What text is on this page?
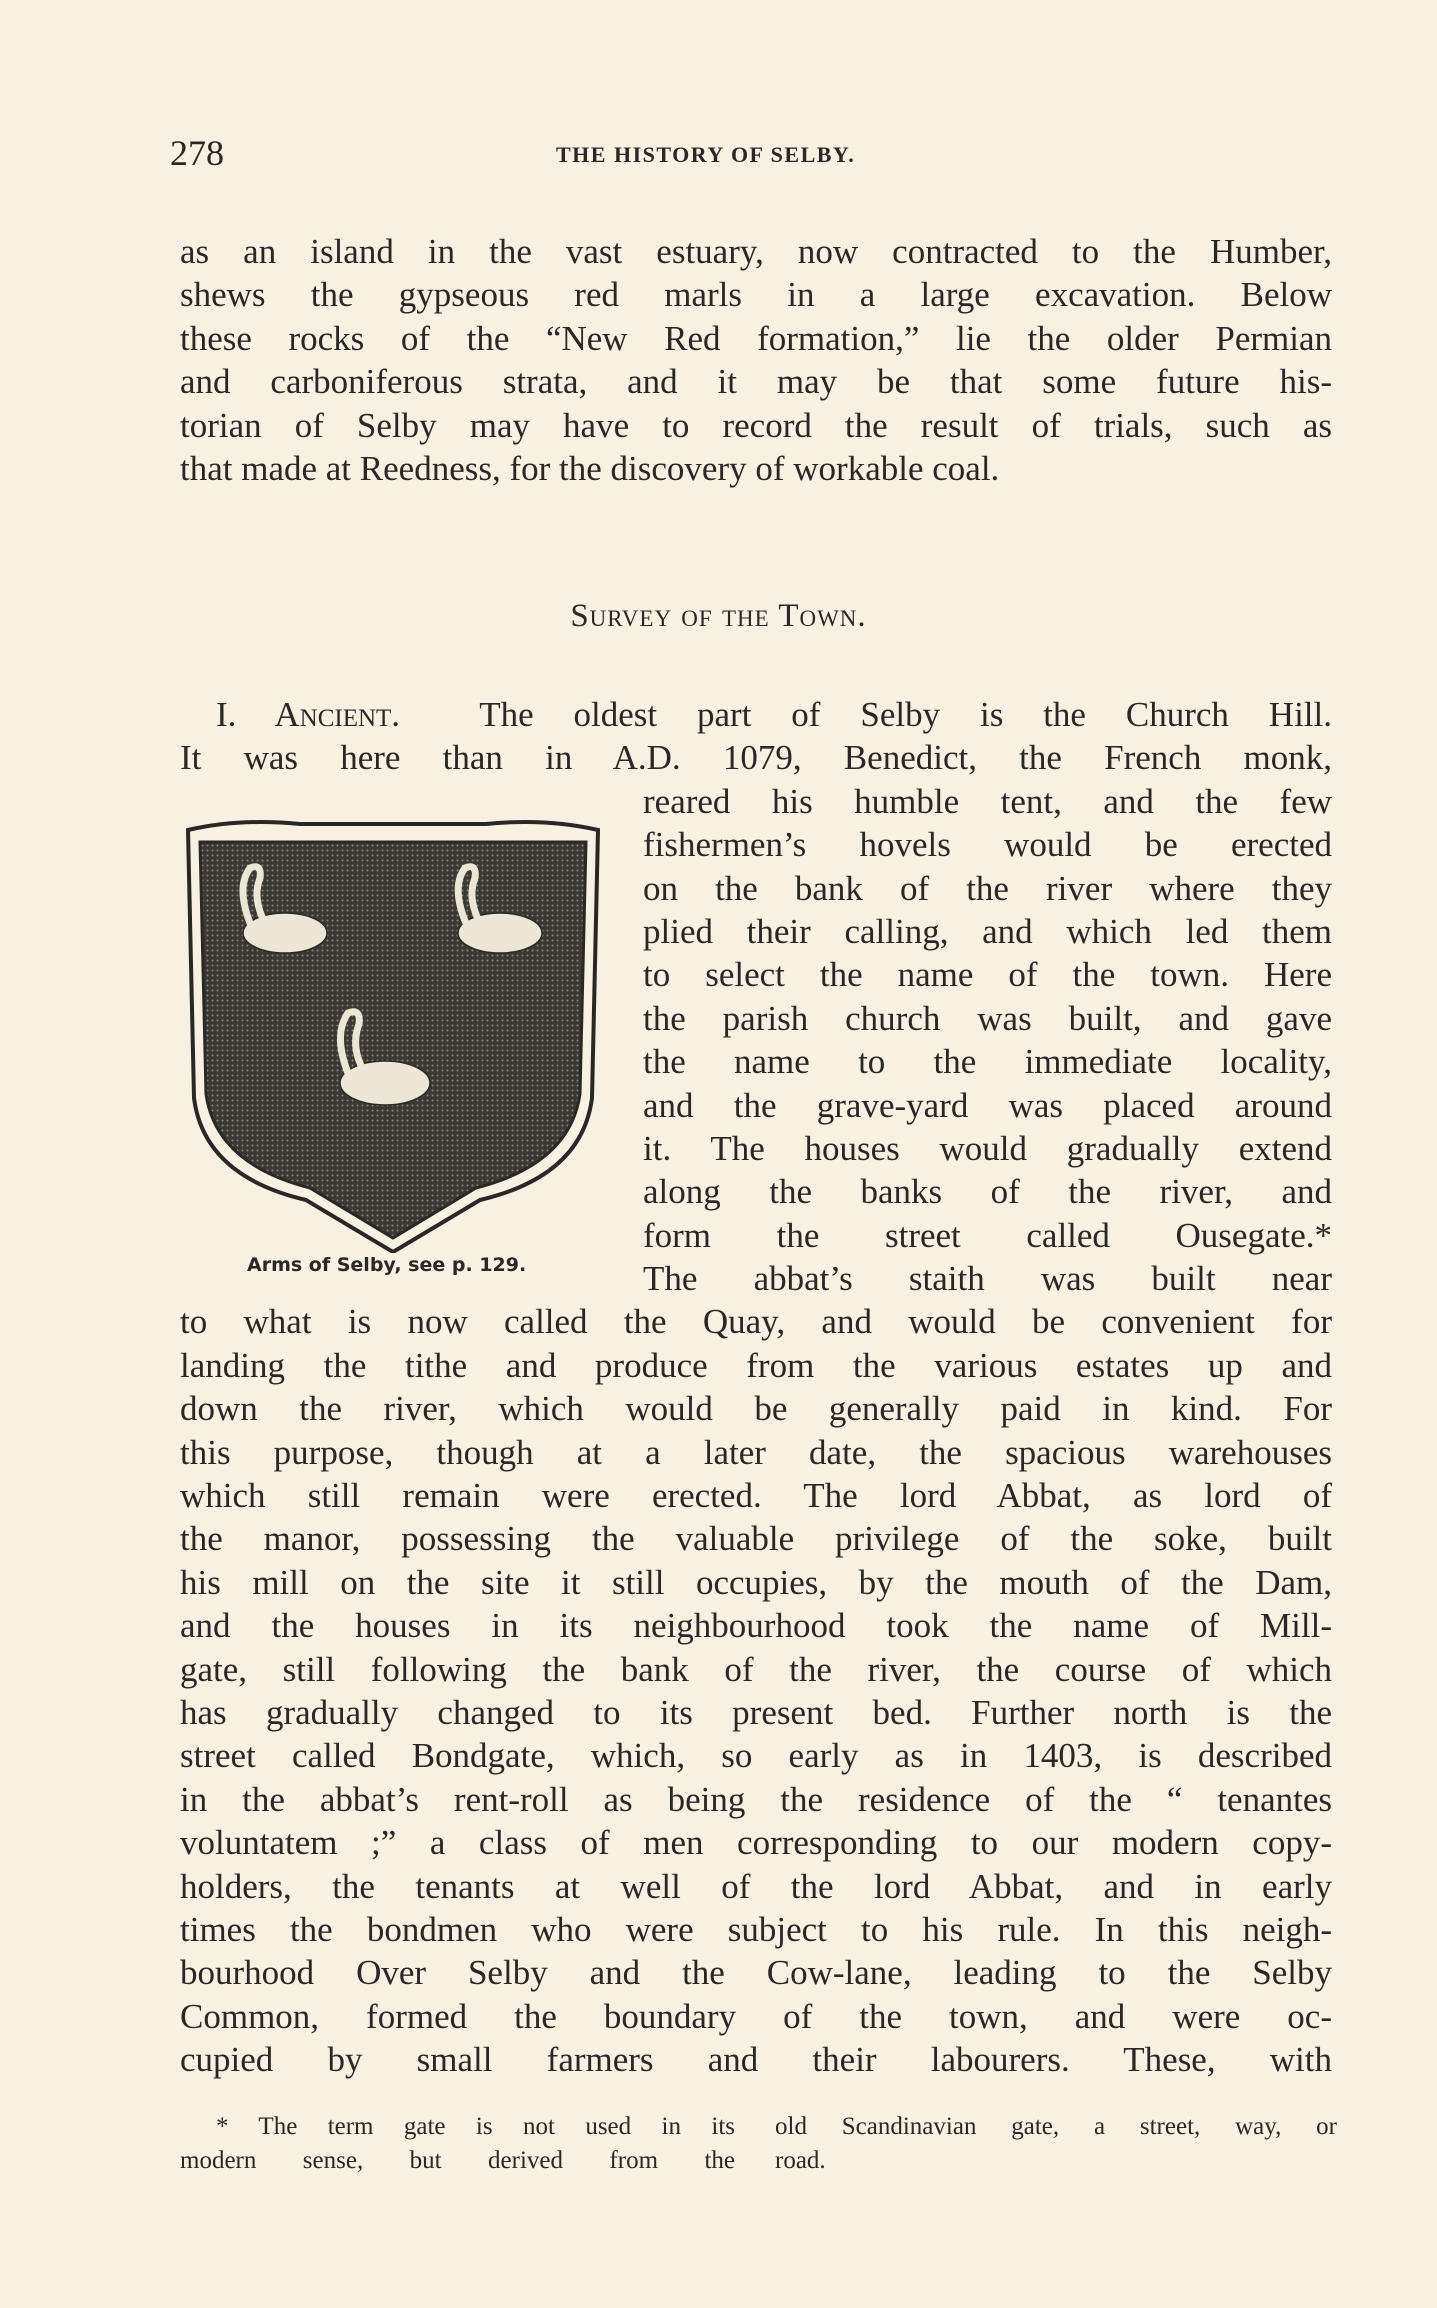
278	THE HISTORY OF SELBY.
as an island in the vast estuary, now contracted to the Humber,
shews the gypseous red marls in a large excavation. Below
these rocks of the “New Red formation,” lie the older Permian
and carboniferous strata, and it may be that some future his-
torian of Selby may have to record the result of trials, such as
that made at Reedness, for the discovery of workable coal.
Survey of the Town.
I. Ancient. The oldest part of Selby is the Church Hill.
It was here than in A.D. 1079, Benedict, the French monk,
reared his humble tent, and the few
fishermen’s hovels would be erected
on the bank of the river where they
plied their calling, and which led them
to select the name of the town. Here
the parish church was built, and gave
the name to the immediate locality,
and the grave-yard was placed around
it. The houses would gradually extend
along the banks of the river, and
form the street called Ousegate.*
The abbat’s staith was built near
to what is now called the Quay, and would be convenient for
landing the tithe and produce from the various estates up and
down the river, which would be generally paid in kind. For
this purpose, though at a later date, the spacious warehouses
which still remain were erected. The lord Abbat, as lord of
the manor, possessing the valuable privilege of the soke, built
his mill on the site it still occupies, by the mouth of the Dam,
and the houses in its neighbourhood took the name of Mill-
gate, still following the bank of the river, the course of which
has gradually changed to its present bed. Further north is the
street called Bondgate, which, so early as in 1403, is described
in the abbat’s rent-roll as being the residence of the “ tenantes
voluntatem ;” a class of men corresponding to our modern copy-
holders, the tenants at well of the lord Abbat, and in early
times the bondmen who were subject to his rule. In this neigh-
bourhood Over Selby and the Cow-lane, leading to the Selby
Common, formed the boundary of the town, and were oc-
cupied by small farmers and their labourers. These, with
Arms of Selby, see p. 129.
* The term gate is not used in its
modern sense, but derived from the
old Scandinavian gate, a street, way, or
road.
